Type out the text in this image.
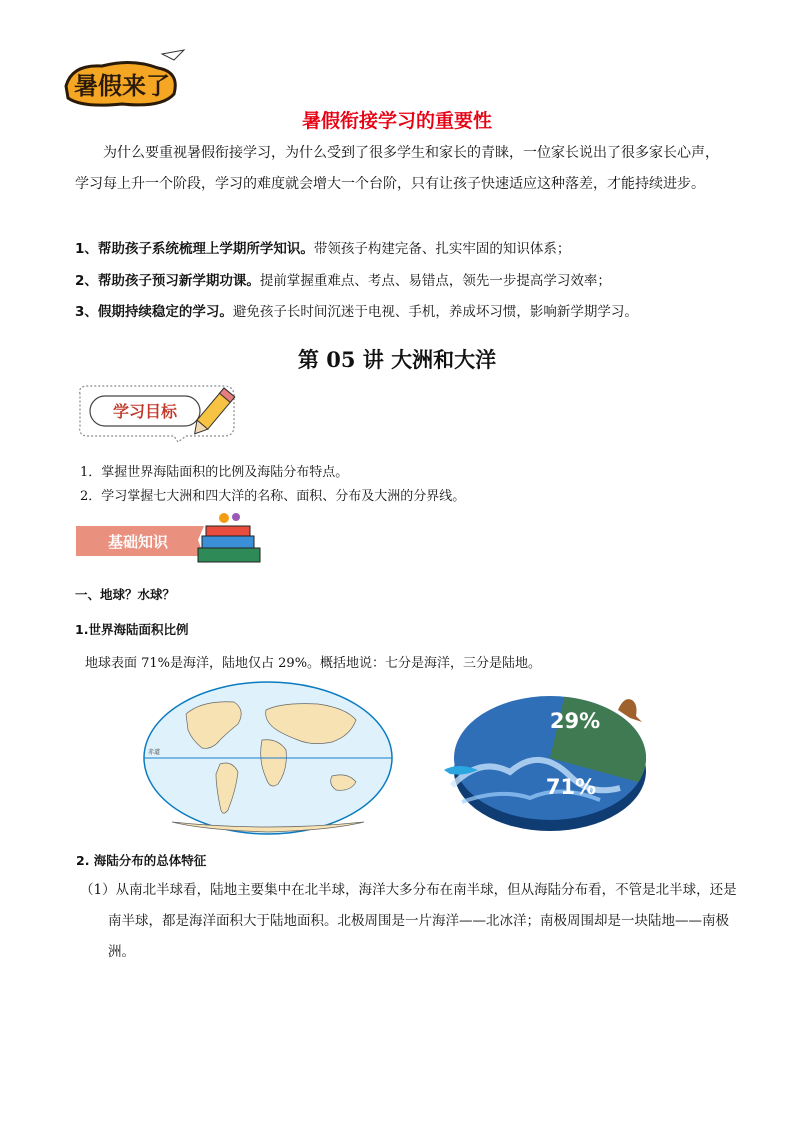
暑假来了
暑假衔接学习的重要性
为什么要重视暑假衔接学习，为什么受到了很多学生和家长的青睐，一位家长说出了很多家长心声，学习每上升一个阶段，学习的难度就会增大一个台阶，只有让孩子快速适应这种落差，才能持续进步。
1、帮助孩子系统梳理上学期所学知识。带领孩子构建完备、扎实牢固的知识体系；
2、帮助孩子预习新学期功课。提前掌握重难点、考点、易错点，领先一步提高学习效率；
3、假期持续稳定的学习。避免孩子长时间沉迷于电视、手机，养成坏习惯，影响新学期学习。
第 05 讲 大洲和大洋
学习目标
1．掌握世界海陆面积的比例及海陆分布特点。
2．学习掌握七大洲和四大洋的名称、面积、分布及大洲的分界线。
基础知识
一、地球？水球？
1.世界海陆面积比例
地球表面 71%是海洋，陆地仅占 29%。概括地说：七分是海洋，三分是陆地。
赤道
29%
71%
2. 海陆分布的总体特征
（1）从南北半球看，陆地主要集中在北半球，海洋大多分布在南半球，但从海陆分布看，不管是北半球，还是南半球，都是海洋面积大于陆地面积。北极周围是一片海洋——北冰洋；南极周围却是一块陆地——南极洲。
